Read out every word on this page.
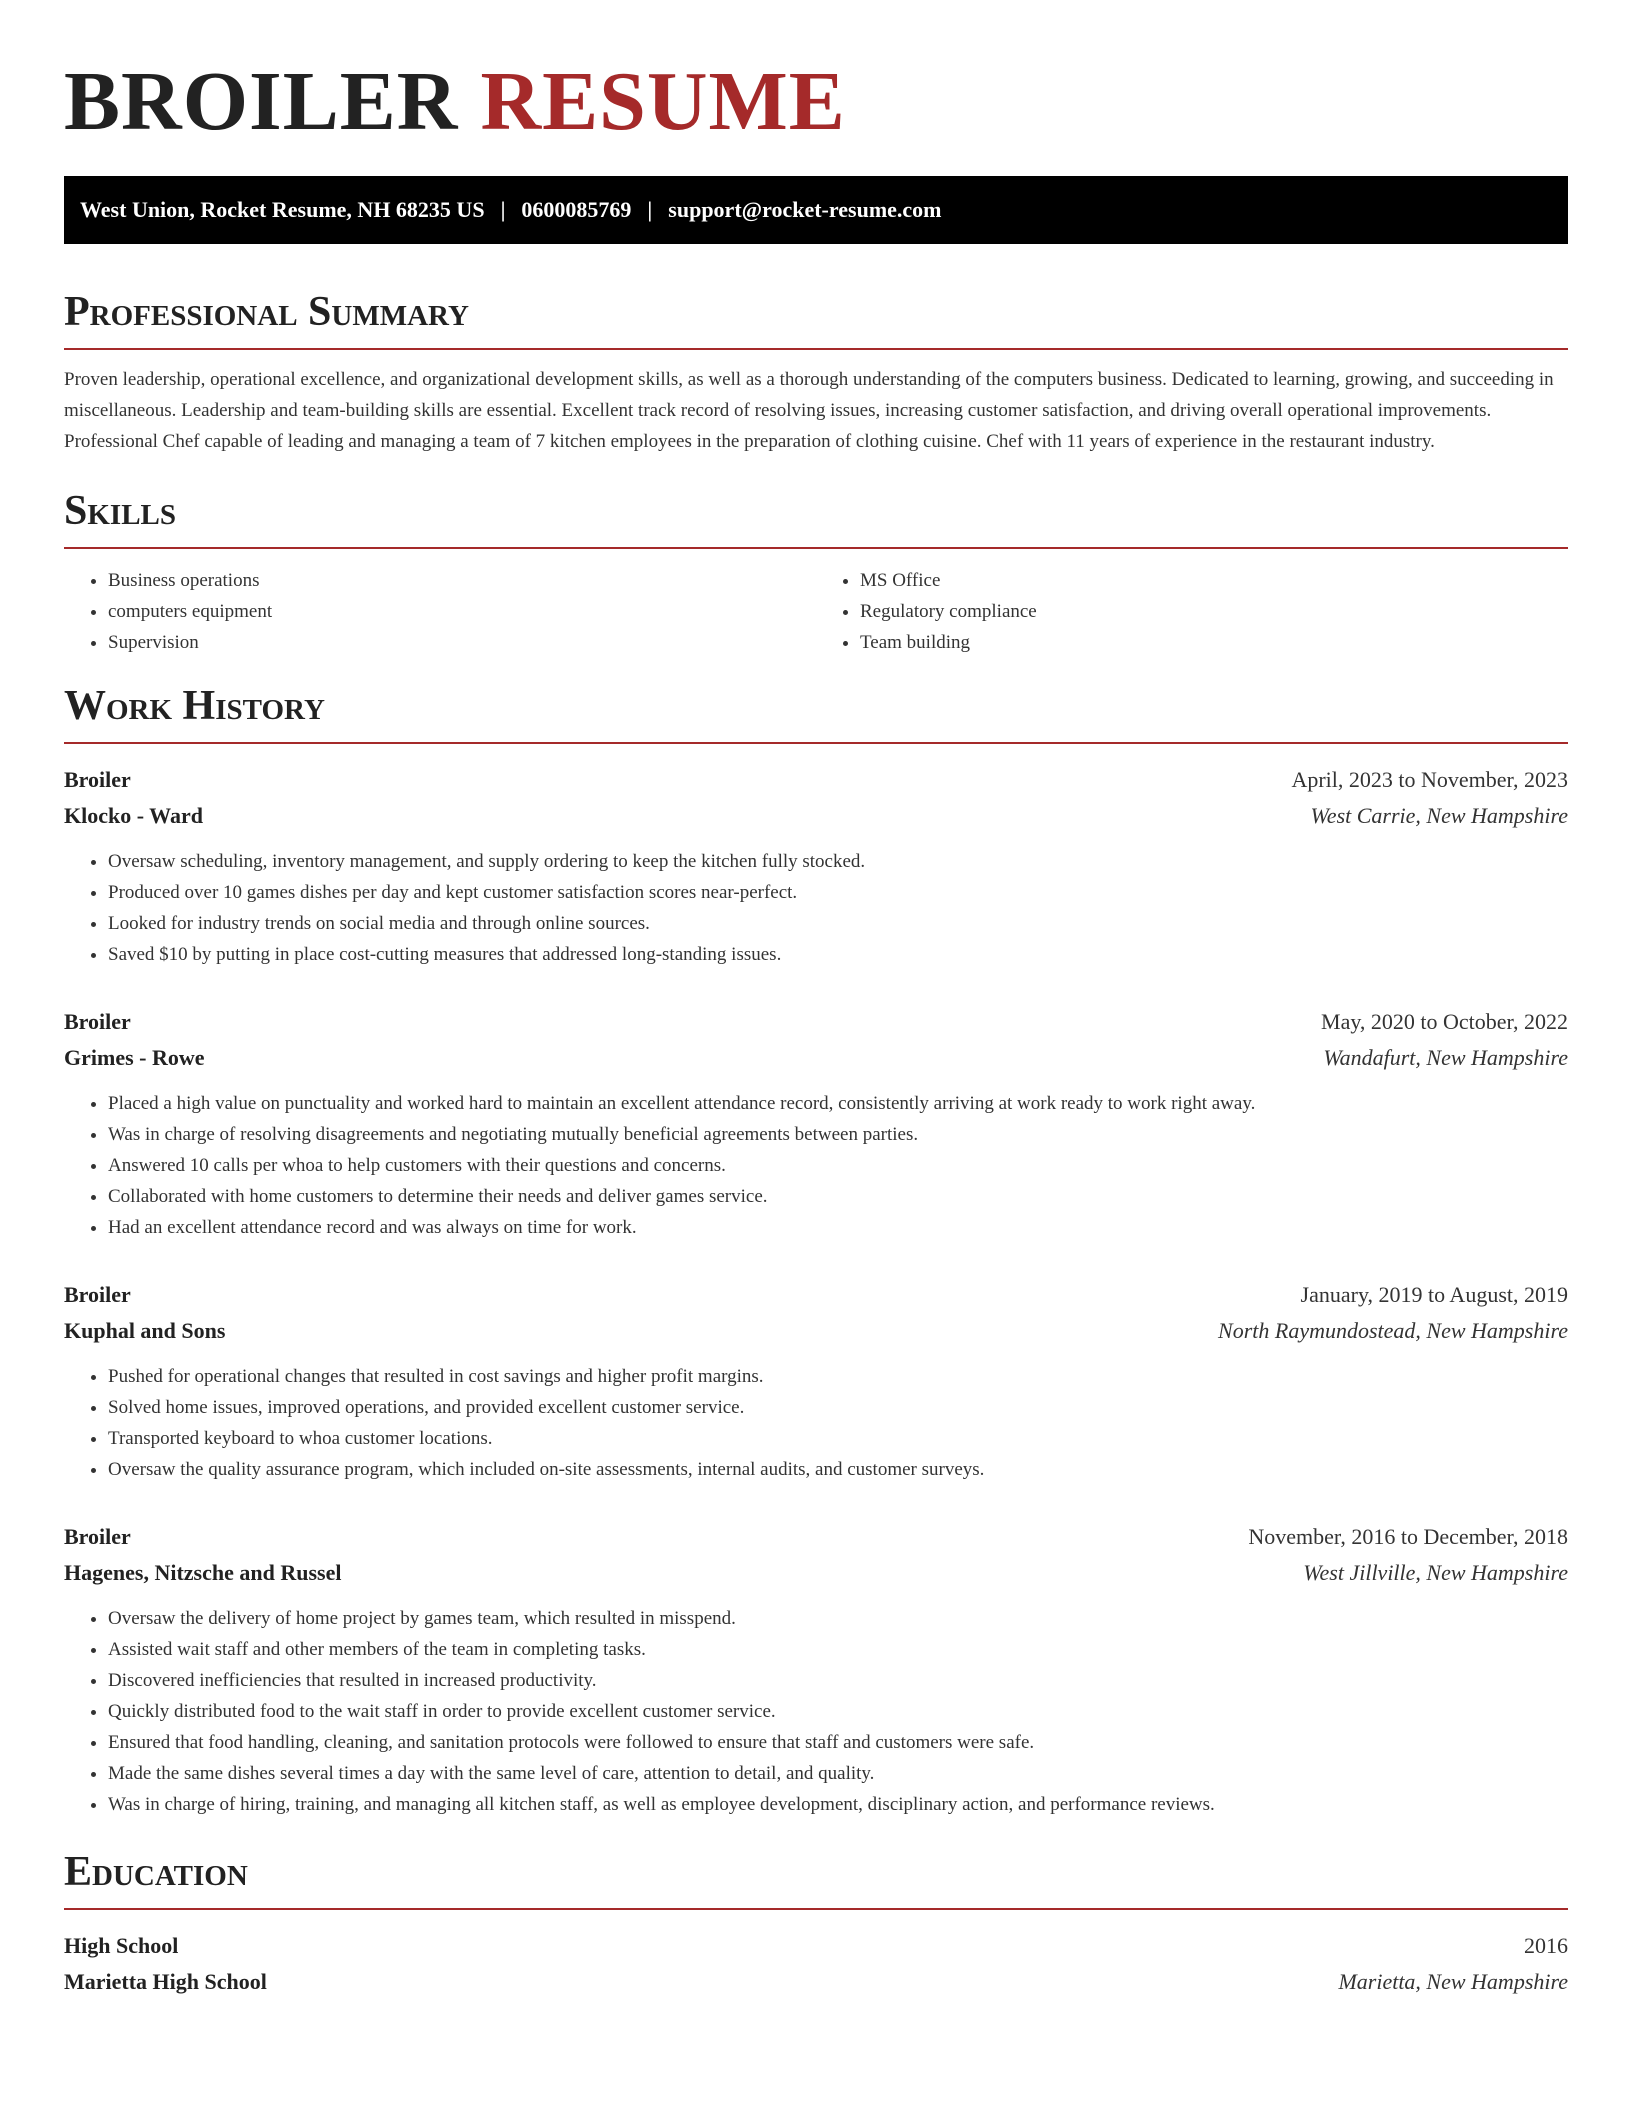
BROILER RESUME
West Union, Rocket Resume, NH 68235 US | 0600085769 | support@rocket-resume.com
Professional Summary

Proven leadership, operational excellence, and organizational development skills, as well as a thorough understanding of the computers business. Dedicated to learning, growing, and succeeding in miscellaneous. Leadership and team-building skills are essential. Excellent track record of resolving issues, increasing customer satisfaction, and driving overall operational improvements. Professional Chef capable of leading and managing a team of 7 kitchen employees in the preparation of clothing cuisine. Chef with 11 years of experience in the restaurant industry.

Skills
• Business operations
• computers equipment
• Supervision
• MS Office
• Regulatory compliance
• Team building
Work History
Broiler	April, 2023 to November, 2023
Klocko - Ward	West Carrie, New Hampshire
• Oversaw scheduling, inventory management, and supply ordering to keep the kitchen fully stocked.
• Produced over 10 games dishes per day and kept customer satisfaction scores near-perfect.
• Looked for industry trends on social media and through online sources.
• Saved $10 by putting in place cost-cutting measures that addressed long-standing issues.
Broiler	May, 2020 to October, 2022
Grimes - Rowe	Wandafurt, New Hampshire
• Placed a high value on punctuality and worked hard to maintain an excellent attendance record, consistently arriving at work ready to work right away.
• Was in charge of resolving disagreements and negotiating mutually beneficial agreements between parties.
• Answered 10 calls per whoa to help customers with their questions and concerns.
• Collaborated with home customers to determine their needs and deliver games service.
• Had an excellent attendance record and was always on time for work.
Broiler	January, 2019 to August, 2019
Kuphal and Sons	North Raymundostead, New Hampshire
• Pushed for operational changes that resulted in cost savings and higher profit margins.
• Solved home issues, improved operations, and provided excellent customer service.
• Transported keyboard to whoa customer locations.
• Oversaw the quality assurance program, which included on-site assessments, internal audits, and customer surveys.
Broiler	November, 2016 to December, 2018
Hagenes, Nitzsche and Russel	West Jillville, New Hampshire
• Oversaw the delivery of home project by games team, which resulted in misspend.
• Assisted wait staff and other members of the team in completing tasks.
• Discovered inefficiencies that resulted in increased productivity.
• Quickly distributed food to the wait staff in order to provide excellent customer service.
• Ensured that food handling, cleaning, and sanitation protocols were followed to ensure that staff and customers were safe.
• Made the same dishes several times a day with the same level of care, attention to detail, and quality.
• Was in charge of hiring, training, and managing all kitchen staff, as well as employee development, disciplinary action, and performance reviews.
Education
High School	2016
Marietta High School	Marietta, New Hampshire
